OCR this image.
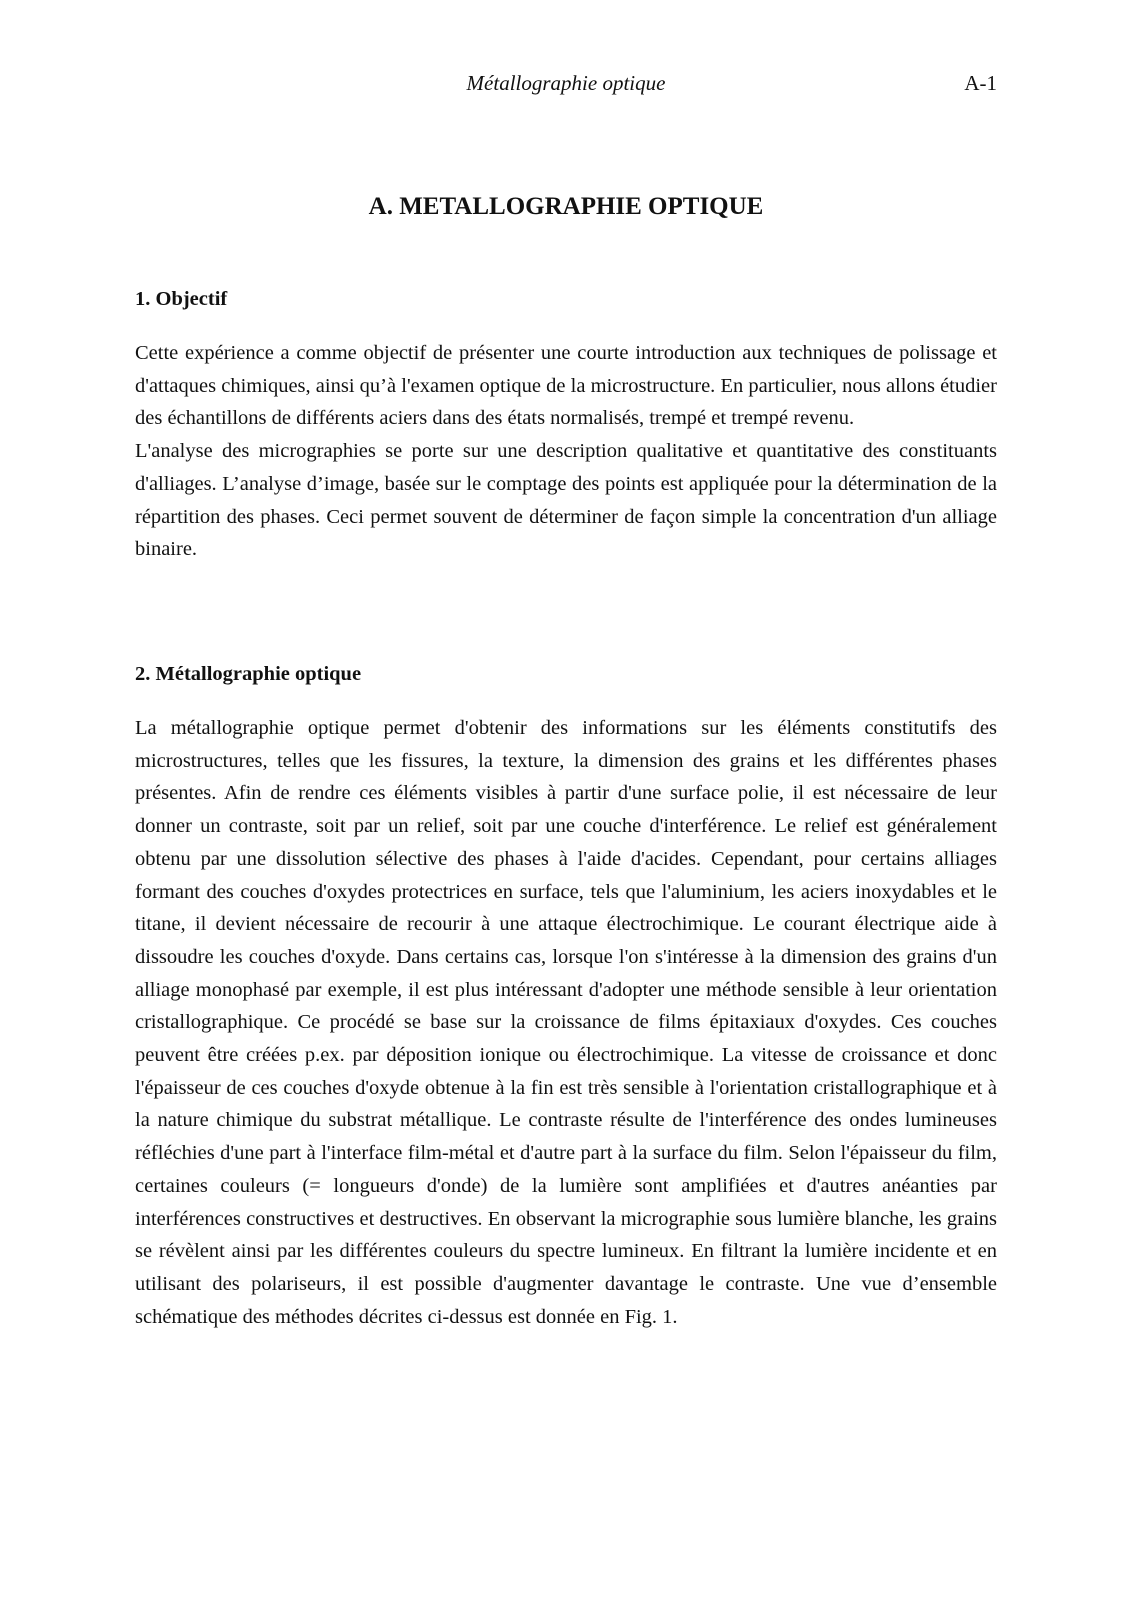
Métallographie optique	A-1
A. METALLOGRAPHIE OPTIQUE
1. Objectif

Cette expérience a comme objectif de présenter une courte introduction aux techniques de polissage et d'attaques chimiques, ainsi qu’à l'examen optique de la microstructure. En particulier, nous allons étudier des échantillons de différents aciers dans des états normalisés, trempé et trempé revenu.

L'analyse des micrographies se porte sur une description qualitative et quantitative des constituants d'alliages. L’analyse d’image, basée sur le comptage des points est appliquée pour la détermination de la répartition des phases. Ceci permet souvent de déterminer de façon simple la concentration d'un alliage binaire.

2. Métallographie optique

La métallographie optique permet d'obtenir des informations sur les éléments constitutifs des microstructures, telles que les fissures, la texture, la dimension des grains et les différentes phases présentes. Afin de rendre ces éléments visibles à partir d'une surface polie, il est nécessaire de leur donner un contraste, soit par un relief, soit par une couche d'interférence. Le relief est généralement obtenu par une dissolution sélective des phases à l'aide d'acides. Cependant, pour certains alliages formant des couches d'oxydes protectrices en surface, tels que l'aluminium, les aciers inoxydables et le titane, il devient nécessaire de recourir à une attaque électrochimique. Le courant électrique aide à dissoudre les couches d'oxyde. Dans certains cas, lorsque l'on s'intéresse à la dimension des grains d'un alliage monophasé par exemple, il est plus intéressant d'adopter une méthode sensible à leur orientation cristallographique. Ce procédé se base sur la croissance de films épitaxiaux d'oxydes. Ces couches peuvent être créées p.ex. par déposition ionique ou électrochimique. La vitesse de croissance et donc l'épaisseur de ces couches d'oxyde obtenue à la fin est très sensible à l'orientation cristallographique et à la nature chimique du substrat métallique. Le contraste résulte de l'interférence des ondes lumineuses réfléchies d'une part à l'interface film-métal et d'autre part à la surface du film. Selon l'épaisseur du film, certaines couleurs (= longueurs d'onde) de la lumière sont amplifiées et d'autres anéanties par interférences constructives et destructives. En observant la micrographie sous lumière blanche, les grains se révèlent ainsi par les différentes couleurs du spectre lumineux. En filtrant la lumière incidente et en utilisant des polariseurs, il est possible d'augmenter davantage le contraste. Une vue d’ensemble schématique des méthodes décrites ci-dessus est donnée en Fig. 1.
